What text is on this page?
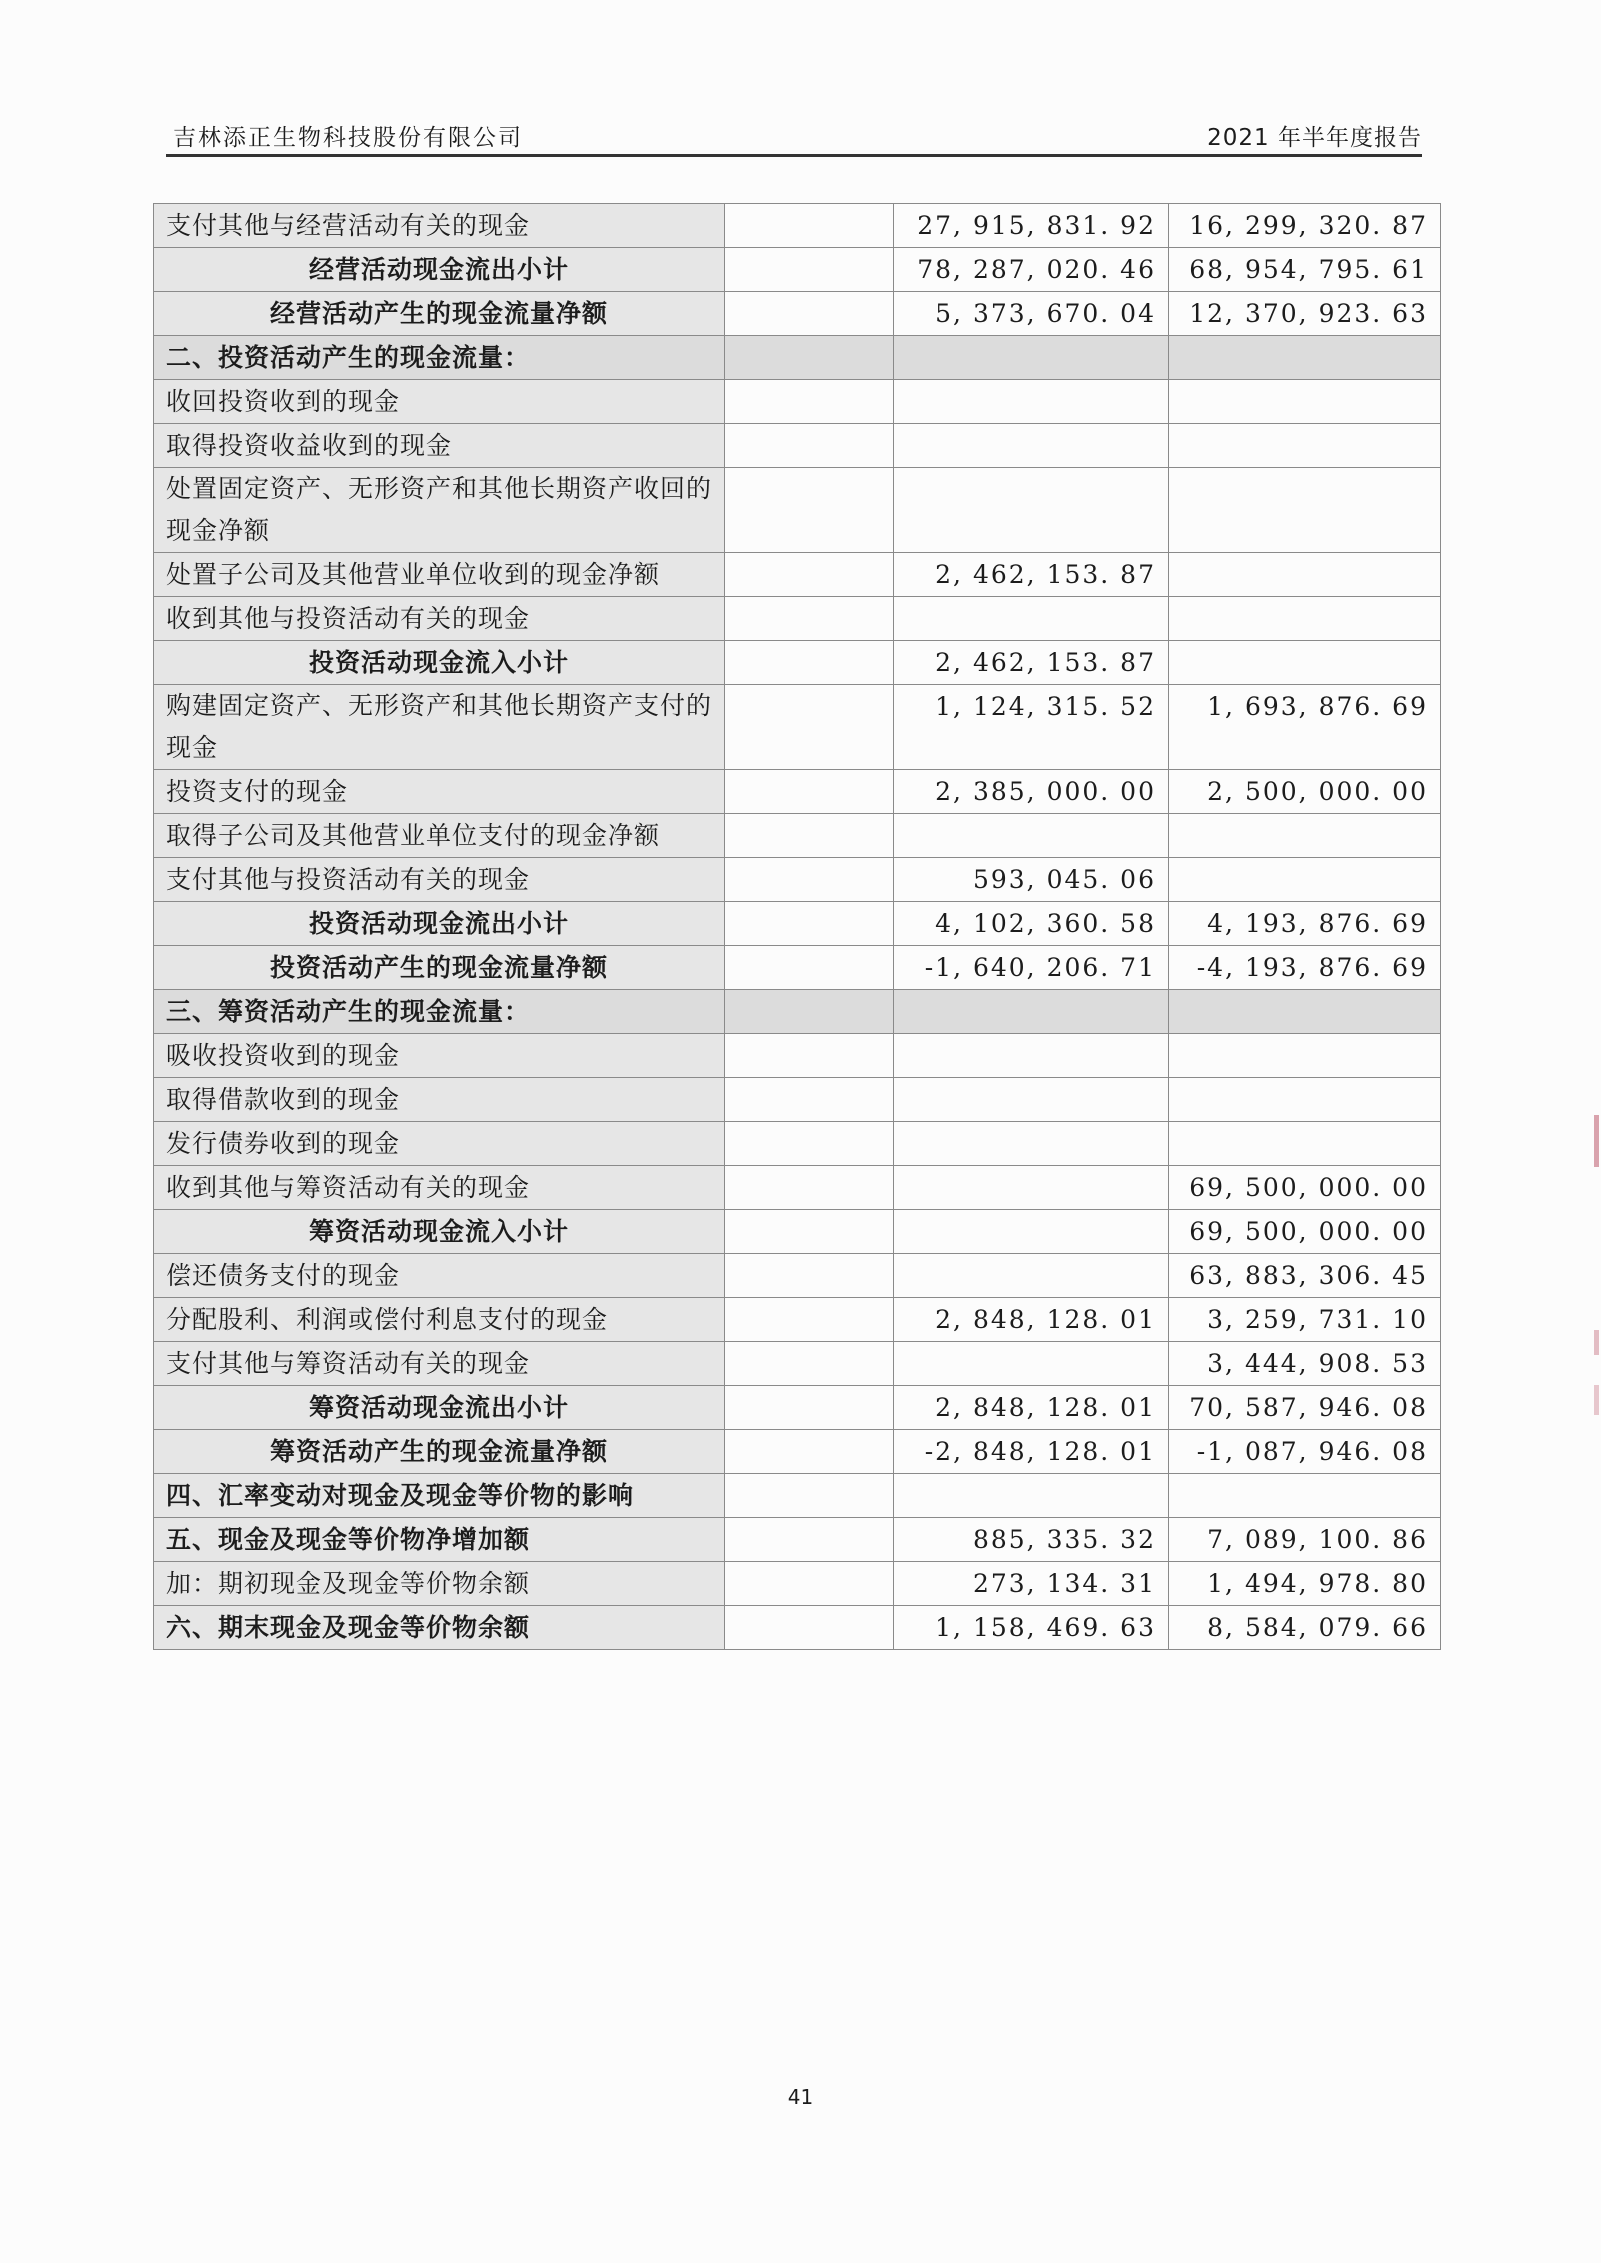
吉林添正生物科技股份有限公司	2021 年半年度报告
支付其他与经营活动有关的现金		27, 915, 831. 92	16, 299, 320. 87
经营活动现金流出小计		78, 287, 020. 46	68, 954, 795. 61
经营活动产生的现金流量净额		5, 373, 670. 04	12, 370, 923. 63
二、投资活动产生的现金流量：			
收回投资收到的现金			
取得投资收益收到的现金			
处置固定资产、无形资产和其他长期资产收回的现金净额			
处置子公司及其他营业单位收到的现金净额		2, 462, 153. 87	
收到其他与投资活动有关的现金			
投资活动现金流入小计		2, 462, 153. 87	
购建固定资产、无形资产和其他长期资产支付的现金		1, 124, 315. 52	1, 693, 876. 69
投资支付的现金		2, 385, 000. 00	2, 500, 000. 00
取得子公司及其他营业单位支付的现金净额			
支付其他与投资活动有关的现金		593, 045. 06	
投资活动现金流出小计		4, 102, 360. 58	4, 193, 876. 69
投资活动产生的现金流量净额		-1, 640, 206. 71	-4, 193, 876. 69
三、筹资活动产生的现金流量：			
吸收投资收到的现金			
取得借款收到的现金			
发行债券收到的现金			
收到其他与筹资活动有关的现金			69, 500, 000. 00
筹资活动现金流入小计			69, 500, 000. 00
偿还债务支付的现金			63, 883, 306. 45
分配股利、利润或偿付利息支付的现金		2, 848, 128. 01	3, 259, 731. 10
支付其他与筹资活动有关的现金			3, 444, 908. 53
筹资活动现金流出小计		2, 848, 128. 01	70, 587, 946. 08
筹资活动产生的现金流量净额		-2, 848, 128. 01	-1, 087, 946. 08
四、汇率变动对现金及现金等价物的影响			
五、现金及现金等价物净增加额		885, 335. 32	7, 089, 100. 86
加：期初现金及现金等价物余额		273, 134. 31	1, 494, 978. 80
六、期末现金及现金等价物余额		1, 158, 469. 63	8, 584, 079. 66
41
